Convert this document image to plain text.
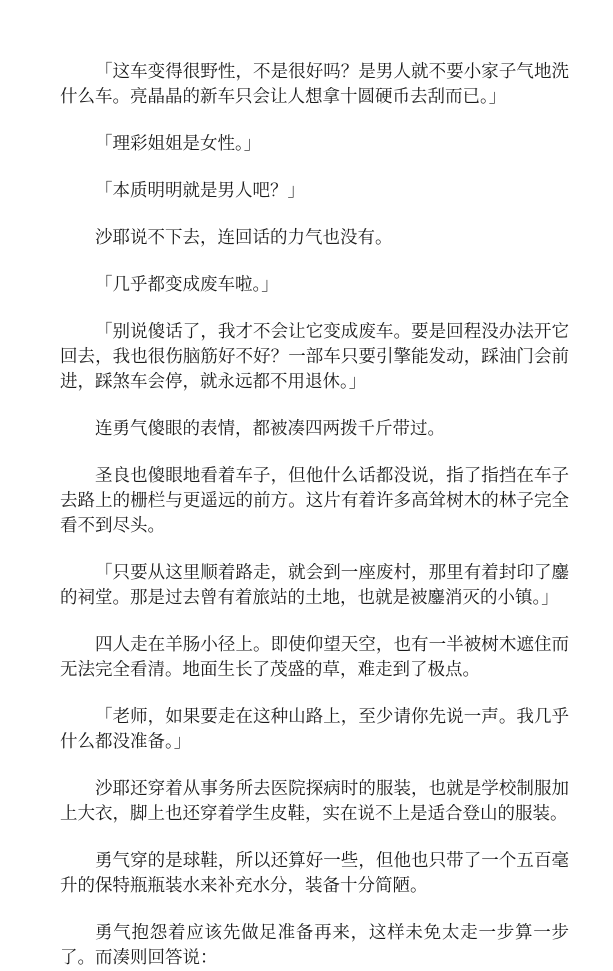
「这车变得很野性，不是很好吗？是男人就不要小家子气地洗什么车。亮晶晶的新车只会让人想拿十圆硬币去刮而已。」

「理彩姐姐是女性。」

「本质明明就是男人吧？」

沙耶说不下去，连回话的力气也没有。

「几乎都变成废车啦。」

「别说傻话了，我才不会让它变成废车。要是回程没办法开它回去，我也很伤脑筋好不好？一部车只要引擎能发动，踩油门会前进，踩煞车会停，就永远都不用退休。」

连勇气傻眼的表情，都被凑四两拨千斤带过。

圣良也傻眼地看着车子，但他什么话都没说，指了指挡在车子去路上的栅栏与更遥远的前方。这片有着许多高耸树木的林子完全看不到尽头。

「只要从这里顺着路走，就会到一座废村，那里有着封印了鏖的祠堂。那是过去曾有着旅站的土地，也就是被鏖消灭的小镇。」

四人走在羊肠小径上。即使仰望天空，也有一半被树木遮住而无法完全看清。地面生长了茂盛的草，难走到了极点。

「老师，如果要走在这种山路上，至少请你先说一声。我几乎什么都没准备。」

沙耶还穿着从事务所去医院探病时的服装，也就是学校制服加上大衣，脚上也还穿着学生皮鞋，实在说不上是适合登山的服装。

勇气穿的是球鞋，所以还算好一些，但他也只带了一个五百毫升的保特瓶瓶装水来补充水分，装备十分简陋。

勇气抱怨着应该先做足准备再来，这样未免太走一步算一步了。而凑则回答说：
